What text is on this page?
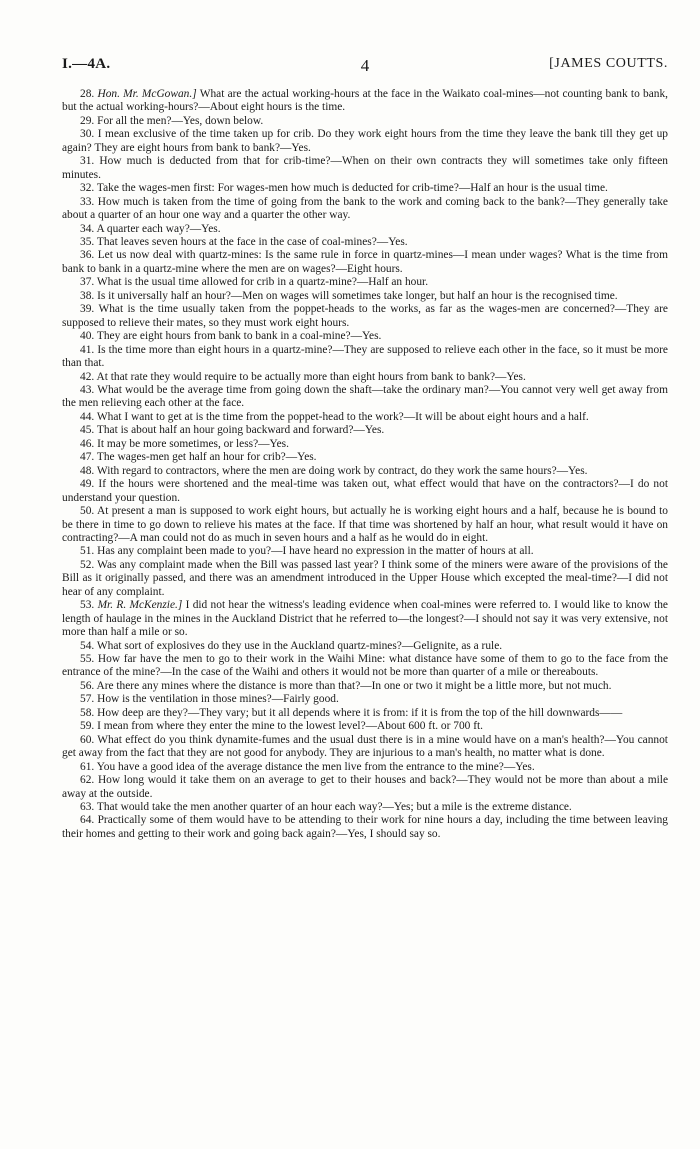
4
I.—4A.	[JAMES COUTTS.

28. Hon. Mr. McGowan.] What are the actual working-hours at the face in the Waikato coal-mines—not counting bank to bank, but the actual working-hours?—About eight hours is the time.

29. For all the men?—Yes, down below.

30. I mean exclusive of the time taken up for crib. Do they work eight hours from the time they leave the bank till they get up again? They are eight hours from bank to bank?—Yes.

31. How much is deducted from that for crib-time?—When on their own contracts they will sometimes take only fifteen minutes.

32. Take the wages-men first: For wages-men how much is deducted for crib-time?—Half an hour is the usual time.

33. How much is taken from the time of going from the bank to the work and coming back to the bank?—They generally take about a quarter of an hour one way and a quarter the other way.

34. A quarter each way?—Yes.

35. That leaves seven hours at the face in the case of coal-mines?—Yes.

36. Let us now deal with quartz-mines: Is the same rule in force in quartz-mines—I mean under wages? What is the time from bank to bank in a quartz-mine where the men are on wages?—Eight hours.

37. What is the usual time allowed for crib in a quartz-mine?—Half an hour.

38. Is it universally half an hour?—Men on wages will sometimes take longer, but half an hour is the recognised time.

39. What is the time usually taken from the poppet-heads to the works, as far as the wages-men are concerned?—They are supposed to relieve their mates, so they must work eight hours.

40. They are eight hours from bank to bank in a coal-mine?—Yes.

41. Is the time more than eight hours in a quartz-mine?—They are supposed to relieve each other in the face, so it must be more than that.

42. At that rate they would require to be actually more than eight hours from bank to bank?—Yes.

43. What would be the average time from going down the shaft—take the ordinary man?—You cannot very well get away from the men relieving each other at the face.

44. What I want to get at is the time from the poppet-head to the work?—It will be about eight hours and a half.

45. That is about half an hour going backward and forward?—Yes.

46. It may be more sometimes, or less?—Yes.

47. The wages-men get half an hour for crib?—Yes.

48. With regard to contractors, where the men are doing work by contract, do they work the same hours?—Yes.

49. If the hours were shortened and the meal-time was taken out, what effect would that have on the contractors?—I do not understand your question.

50. At present a man is supposed to work eight hours, but actually he is working eight hours and a half, because he is bound to be there in time to go down to relieve his mates at the face. If that time was shortened by half an hour, what result would it have on contracting?—A man could not do as much in seven hours and a half as he would do in eight.

51. Has any complaint been made to you?—I have heard no expression in the matter of hours at all.

52. Was any complaint made when the Bill was passed last year? I think some of the miners were aware of the provisions of the Bill as it originally passed, and there was an amendment introduced in the Upper House which excepted the meal-time?—I did not hear of any complaint.

53. Mr. R. McKenzie.] I did not hear the witness's leading evidence when coal-mines were referred to. I would like to know the length of haulage in the mines in the Auckland District that he referred to—the longest?—I should not say it was very extensive, not more than half a mile or so.

54. What sort of explosives do they use in the Auckland quartz-mines?—Gelignite, as a rule.

55. How far have the men to go to their work in the Waihi Mine: what distance have some of them to go to the face from the entrance of the mine?—In the case of the Waihi and others it would not be more than quarter of a mile or thereabouts.

56. Are there any mines where the distance is more than that?—In one or two it might be a little more, but not much.

57. How is the ventilation in those mines?—Fairly good.

58. How deep are they?—They vary; but it all depends where it is from: if it is from the top of the hill downwards——

59. I mean from where they enter the mine to the lowest level?—About 600 ft. or 700 ft.

60. What effect do you think dynamite-fumes and the usual dust there is in a mine would have on a man's health?—You cannot get away from the fact that they are not good for anybody. They are injurious to a man's health, no matter what is done.

61. You have a good idea of the average distance the men live from the entrance to the mine?—Yes.

62. How long would it take them on an average to get to their houses and back?—They would not be more than about a mile away at the outside.

63. That would take the men another quarter of an hour each way?—Yes; but a mile is the extreme distance.

64. Practically some of them would have to be attending to their work for nine hours a day, including the time between leaving their homes and getting to their work and going back again?—Yes, I should say so.
